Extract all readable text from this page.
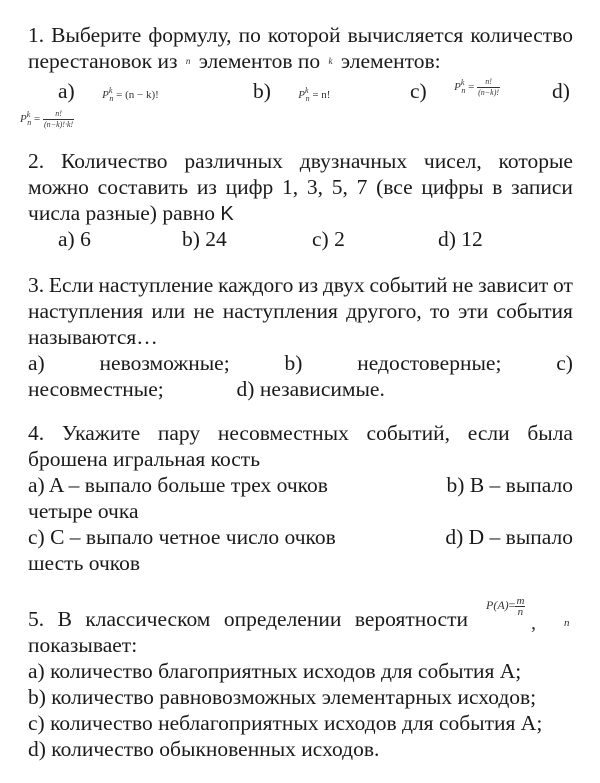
1. Выберите формулу, по которой вычисляется количество
перестановок из n элементов по k элементов:
a) $P^k_n = (n - k)$!	b) $P^k_n = n$!	c) $^{P^k_n = \frac{n!}{(n-k)!}}$ d)
$P^k_n = \frac{n!}{(n-k)!\cdot k!}$
2. Количество различных двузначных чисел, которые
можно составить из цифр 1, 3, 5, 7 (все цифры в записи
числа разные) равно K
a) 6	b) 24	c) 2	d) 12
3. Если наступление каждого из двух событий не зависит от
наступления или не наступления другого, то эти события
называются…
a)	невозможные;	b)	недостоверные;	c)
несовместные;	d) независимые.
4. Укажите пару несовместных событий, если была
брошена игральная кость
a) A – выпало больше трех очков	b) B – выпало
четыре очка
c) C – выпало четное число очков	d) D – выпало
шесть очков
5. В классическом определении вероятности
$P(A)= \frac{m}{n}$
,	n
показывает:
a) количество благоприятных исходов для события A;
b) количество равновозможных элементарных исходов;
c) количество неблагоприятных исходов для события A;
d) количество обыкновенных исходов.
